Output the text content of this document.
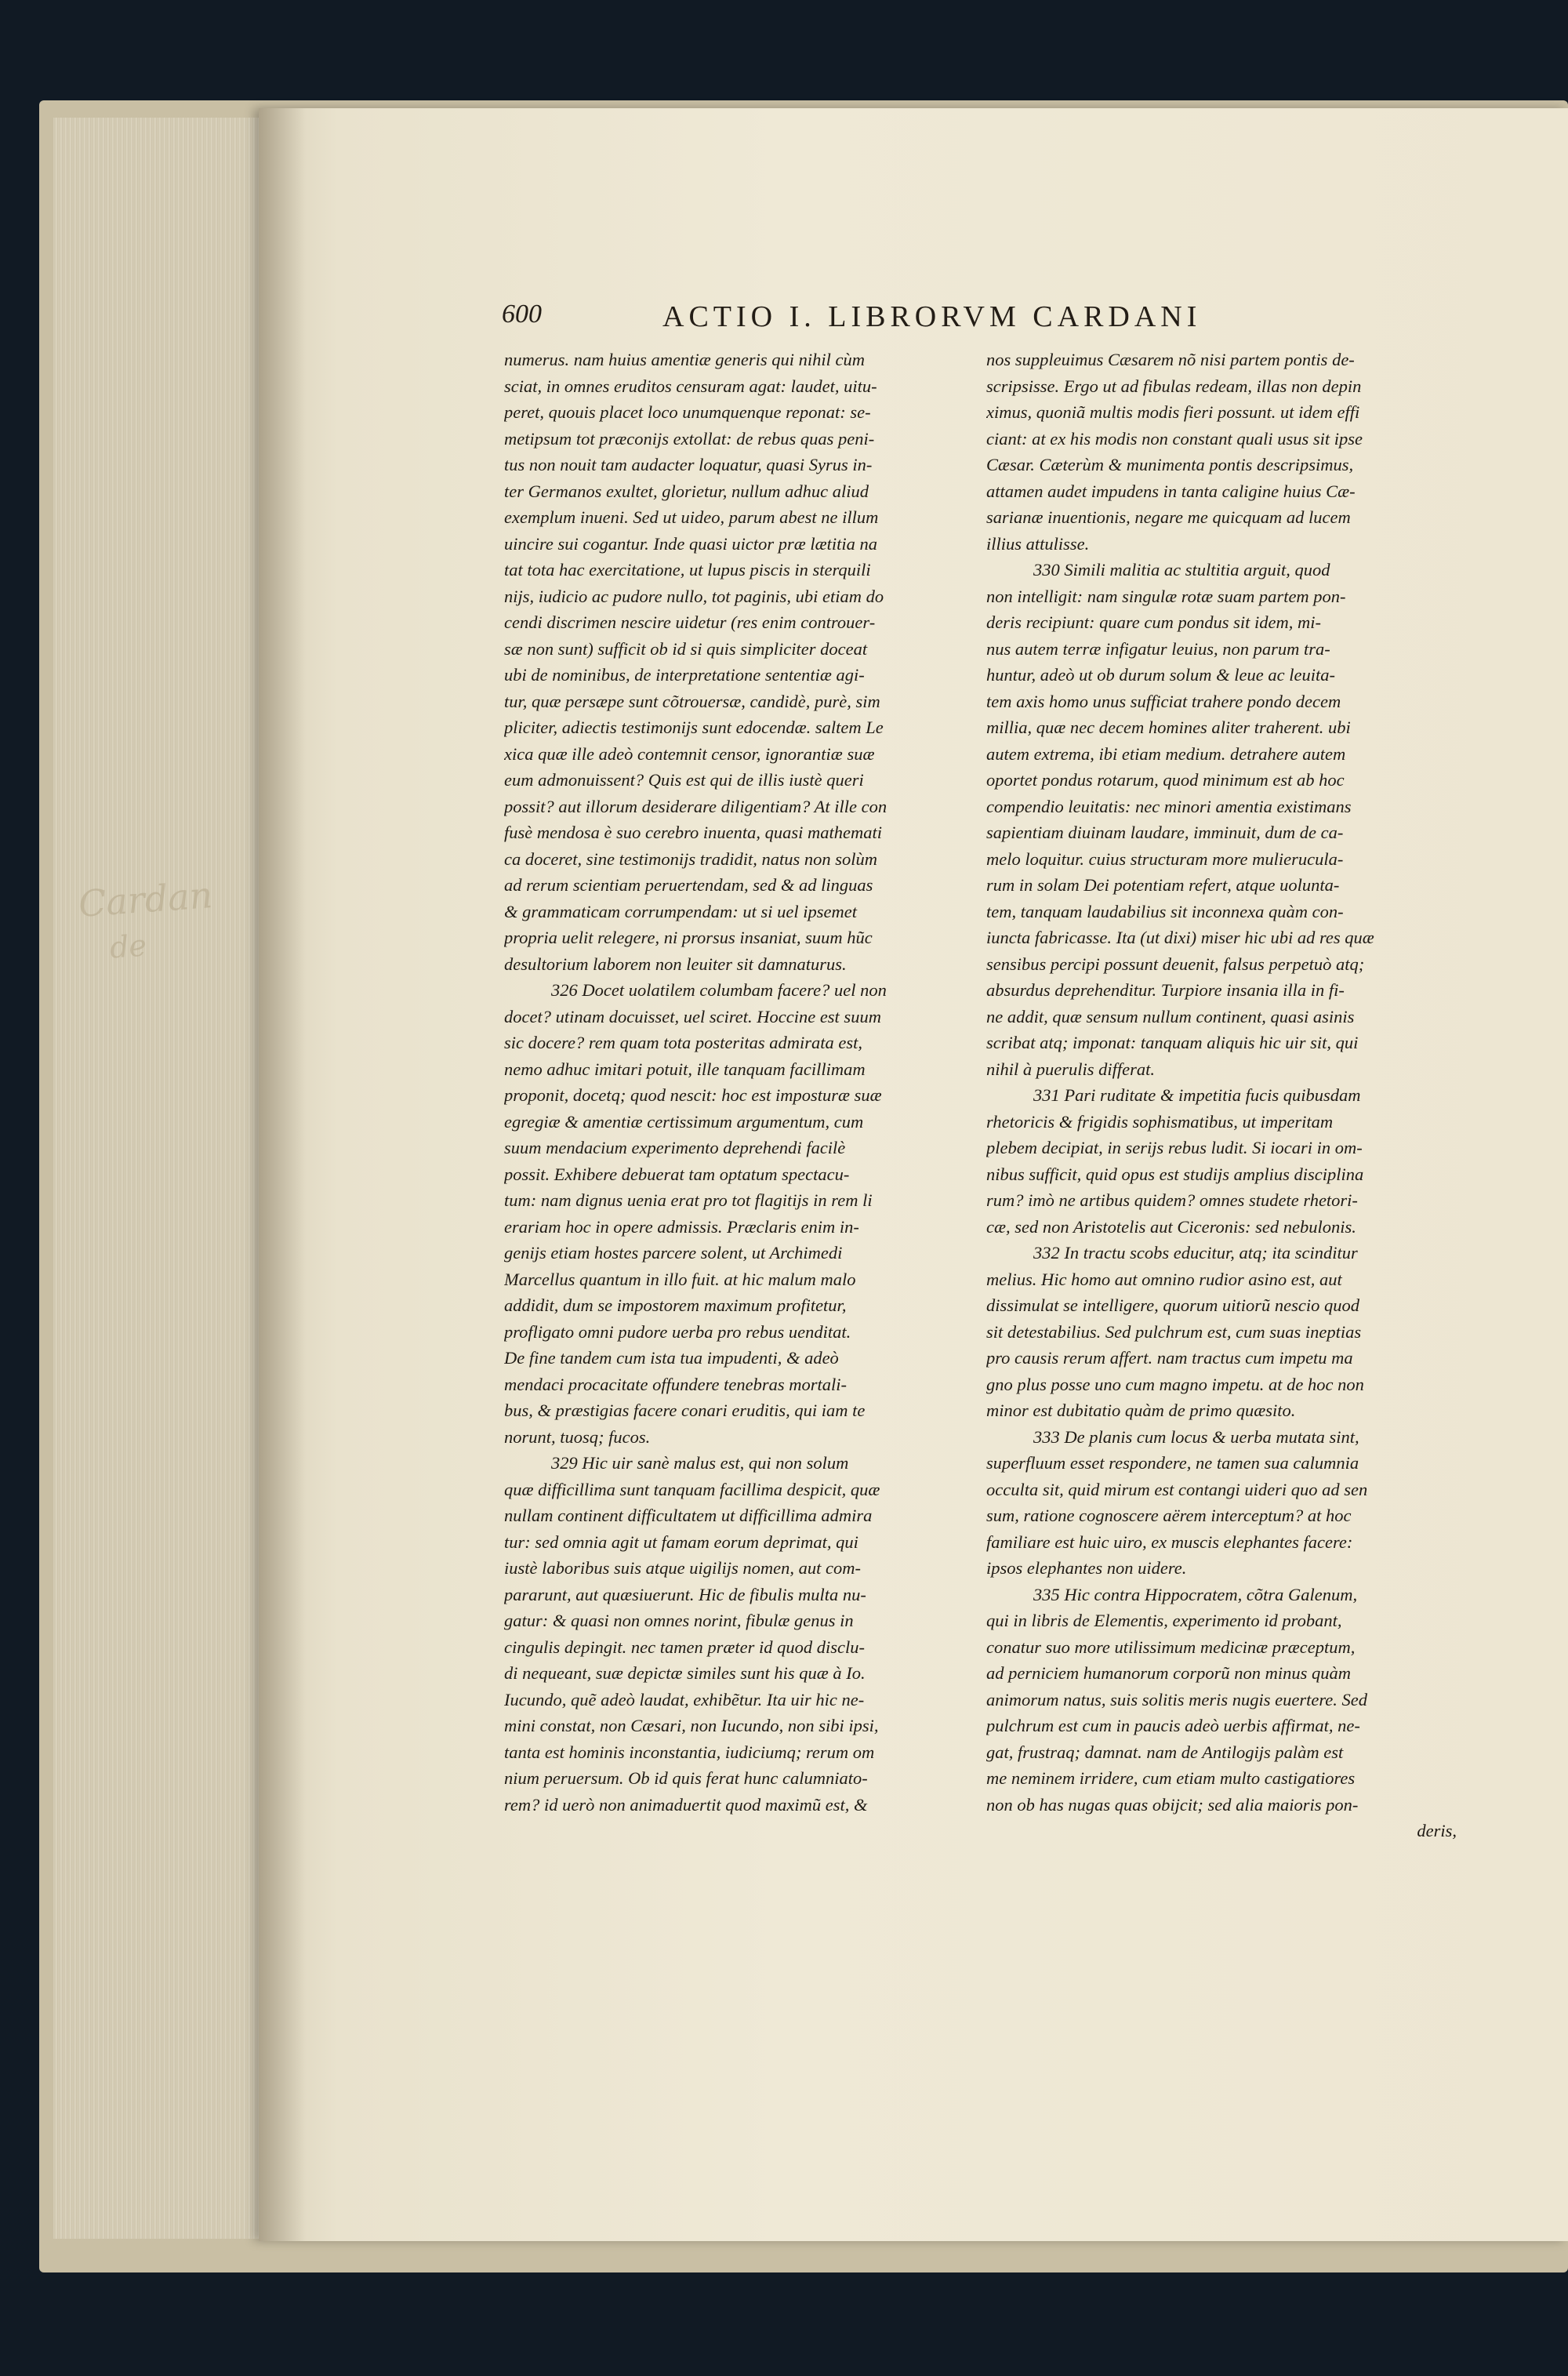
Cardan
de
600	ACTIO I. LIBRORVM CARDANI
numerus. nam huius amentiæ generis qui nihil cùm
sciat, in omnes eruditos censuram agat: laudet, uitu-
peret, quouis placet loco unumquenque reponat: se-
metipsum tot præconijs extollat: de rebus quas peni-
tus non nouit tam audacter loquatur, quasi Syrus in-
ter Germanos exultet, glorietur, nullum adhuc aliud
exemplum inueni. Sed ut uideo, parum abest ne illum
uincire sui cogantur. Inde quasi uictor præ lætitia na
tat tota hac exercitatione, ut lupus piscis in sterquili
nijs, iudicio ac pudore nullo, tot paginis, ubi etiam do
cendi discrimen nescire uidetur (res enim controuer-
sæ non sunt) sufficit ob id si quis simpliciter doceat
ubi de nominibus, de interpretatione sententiæ agi-
tur, quæ persæpe sunt cõtrouersæ, candidè, purè, sim
pliciter, adiectis testimonijs sunt edocendæ. saltem Le
xica quæ ille adeò contemnit censor, ignorantiæ suæ
eum admonuissent? Quis est qui de illis iustè queri
possit? aut illorum desiderare diligentiam? At ille con
fusè mendosa è suo cerebro inuenta, quasi mathemati
ca doceret, sine testimonijs tradidit, natus non solùm
ad rerum scientiam peruertendam, sed & ad linguas
& grammaticam corrumpendam: ut si uel ipsemet
propria uelit relegere, ni prorsus insaniat, suum hũc
desultorium laborem non leuiter sit damnaturus.
326 Docet uolatilem columbam facere? uel non
docet? utinam docuisset, uel sciret. Hoccine est suum
sic docere? rem quam tota posteritas admirata est,
nemo adhuc imitari potuit, ille tanquam facillimam
proponit, docetq; quod nescit: hoc est imposturæ suæ
egregiæ & amentiæ certissimum argumentum, cum
suum mendacium experimento deprehendi facilè
possit. Exhibere debuerat tam optatum spectacu-
tum: nam dignus uenia erat pro tot flagitijs in rem li
erariam hoc in opere admissis. Præclaris enim in-
genijs etiam hostes parcere solent, ut Archimedi
Marcellus quantum in illo fuit. at hic malum malo
addidit, dum se impostorem maximum profitetur,
profligato omni pudore uerba pro rebus uenditat.
De fine tandem cum ista tua impudenti, & adeò
mendaci procacitate offundere tenebras mortali-
bus, & præstigias facere conari eruditis, qui iam te
norunt, tuosq; fucos.
329 Hic uir sanè malus est, qui non solum
quæ difficillima sunt tanquam facillima despicit, quæ
nullam continent difficultatem ut difficillima admira
tur: sed omnia agit ut famam eorum deprimat, qui
iustè laboribus suis atque uigilijs nomen, aut com-
pararunt, aut quæsiuerunt. Hic de fibulis multa nu-
gatur: & quasi non omnes norint, fibulæ genus in
cingulis depingit. nec tamen præter id quod disclu-
di nequeant, suæ depictæ similes sunt his quæ à Io.
Iucundo, quẽ adeò laudat, exhibẽtur. Ita uir hic ne-
mini constat, non Cæsari, non Iucundo, non sibi ipsi,
tanta est hominis inconstantia, iudiciumq; rerum om
nium peruersum. Ob id quis ferat hunc calumniato-
rem? id uerò non animaduertit quod maximũ est, &
nos suppleuimus Cæsarem nõ nisi partem pontis de-
scripsisse. Ergo ut ad fibulas redeam, illas non depin
ximus, quoniã multis modis fieri possunt. ut idem effi
ciant: at ex his modis non constant quali usus sit ipse
Cæsar. Cæterùm & munimenta pontis descripsimus,
attamen audet impudens in tanta caligine huius Cæ-
sarianæ inuentionis, negare me quicquam ad lucem
illius attulisse.
330 Simili malitia ac stultitia arguit, quod
non intelligit: nam singulæ rotæ suam partem pon-
deris recipiunt: quare cum pondus sit idem, mi-
nus autem terræ infigatur leuius, non parum tra-
huntur, adeò ut ob durum solum & leue ac leuita-
tem axis homo unus sufficiat trahere pondo decem
millia, quæ nec decem homines aliter traherent. ubi
autem extrema, ibi etiam medium. detrahere autem
oportet pondus rotarum, quod minimum est ab hoc
compendio leuitatis: nec minori amentia existimans
sapientiam diuinam laudare, imminuit, dum de ca-
melo loquitur. cuius structuram more mulierucula-
rum in solam Dei potentiam refert, atque uolunta-
tem, tanquam laudabilius sit inconnexa quàm con-
iuncta fabricasse. Ita (ut dixi) miser hic ubi ad res quæ
sensibus percipi possunt deuenit, falsus perpetuò atq;
absurdus deprehenditur. Turpiore insania illa in fi-
ne addit, quæ sensum nullum continent, quasi asinis
scribat atq; imponat: tanquam aliquis hic uir sit, qui
nihil à puerulis differat.
331 Pari ruditate & impetitia fucis quibusdam
rhetoricis & frigidis sophismatibus, ut imperitam
plebem decipiat, in serijs rebus ludit. Si iocari in om-
nibus sufficit, quid opus est studijs amplius disciplina
rum? imò ne artibus quidem? omnes studete rhetori-
cæ, sed non Aristotelis aut Ciceronis: sed nebulonis.
332 In tractu scobs educitur, atq; ita scinditur
melius. Hic homo aut omnino rudior asino est, aut
dissimulat se intelligere, quorum uitiorũ nescio quod
sit detestabilius. Sed pulchrum est, cum suas ineptias
pro causis rerum affert. nam tractus cum impetu ma
gno plus posse uno cum magno impetu. at de hoc non
minor est dubitatio quàm de primo quæsito.
333 De planis cum locus & uerba mutata sint,
superfluum esset respondere, ne tamen sua calumnia
occulta sit, quid mirum est contangi uideri quo ad sen
sum, ratione cognoscere aërem interceptum? at hoc
familiare est huic uiro, ex muscis elephantes facere:
ipsos elephantes non uidere.
335 Hic contra Hippocratem, cõtra Galenum,
qui in libris de Elementis, experimento id probant,
conatur suo more utilissimum medicinæ præceptum,
ad perniciem humanorum corporũ non minus quàm
animorum natus, suis solitis meris nugis euertere. Sed
pulchrum est cum in paucis adeò uerbis affirmat, ne-
gat, frustraq; damnat. nam de Antilogijs palàm est
me neminem irridere, cum etiam multo castigatiores
non ob has nugas quas obijcit; sed alia maioris pon-
deris,
